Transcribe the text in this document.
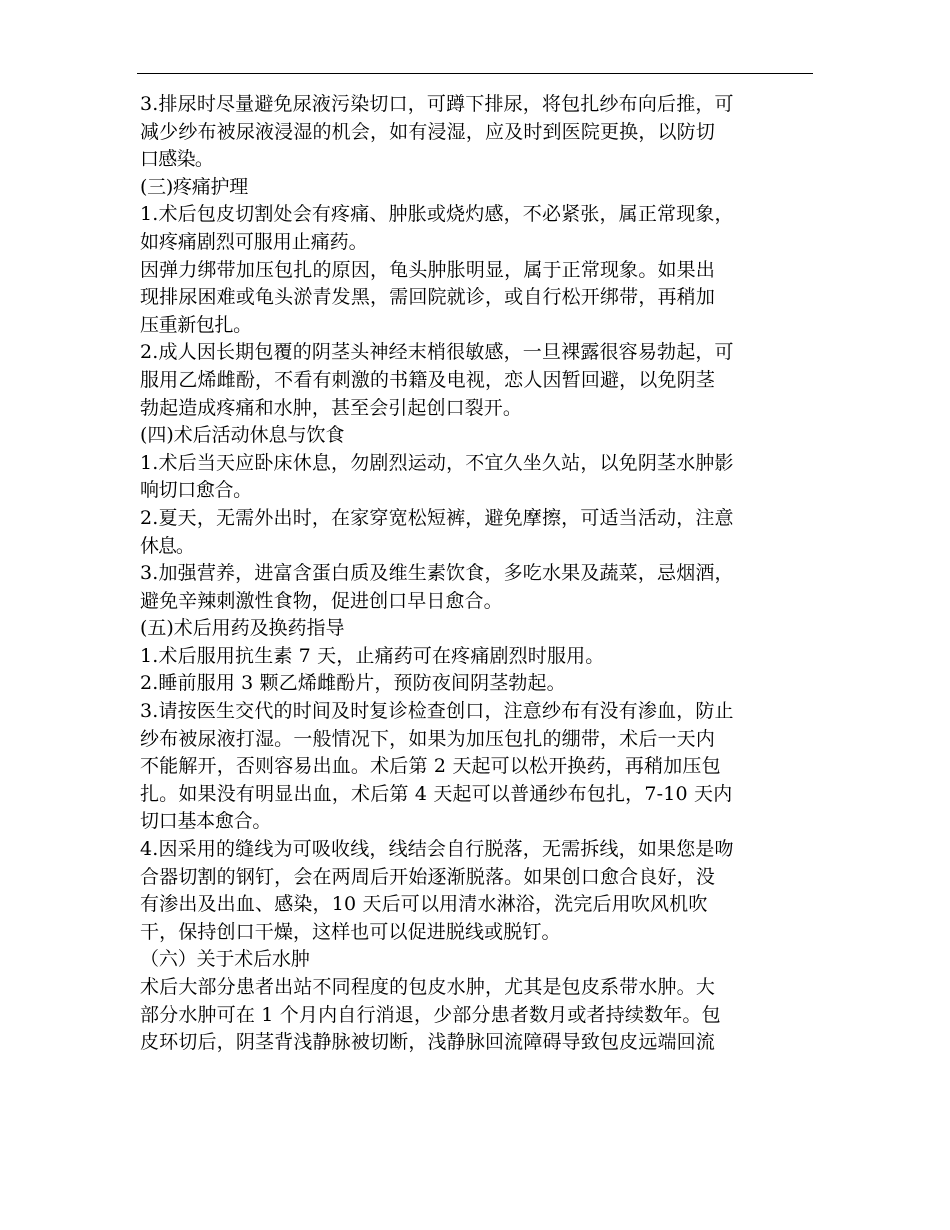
3.排尿时尽量避免尿液污染切口，可蹲下排尿，将包扎纱布向后推，可

减少纱布被尿液浸湿的机会，如有浸湿，应及时到医院更换，以防切

口感染。

(三)疼痛护理

1.术后包皮切割处会有疼痛、肿胀或烧灼感，不必紧张，属正常现象，

如疼痛剧烈可服用止痛药。

因弹力绑带加压包扎的原因，龟头肿胀明显，属于正常现象。如果出

现排尿困难或龟头淤青发黑，需回院就诊，或自行松开绑带，再稍加

压重新包扎。

2.成人因长期包覆的阴茎头神经末梢很敏感，一旦裸露很容易勃起，可

服用乙烯雌酚，不看有刺激的书籍及电视，恋人因暂回避，以免阴茎

勃起造成疼痛和水肿，甚至会引起创口裂开。

(四)术后活动休息与饮食

1.术后当天应卧床休息，勿剧烈运动，不宜久坐久站，以免阴茎水肿影

响切口愈合。

2.夏天，无需外出时，在家穿宽松短裤，避免摩擦，可适当活动，注意

休息。

3.加强营养，进富含蛋白质及维生素饮食，多吃水果及蔬菜，忌烟酒，

避免辛辣刺激性食物，促进创口早日愈合。

(五)术后用药及换药指导

1.术后服用抗生素 7 天，止痛药可在疼痛剧烈时服用。

2.睡前服用 3 颗乙烯雌酚片，预防夜间阴茎勃起。

3.请按医生交代的时间及时复诊检查创口，注意纱布有没有渗血，防止

纱布被尿液打湿。一般情况下，如果为加压包扎的绷带，术后一天内

不能解开，否则容易出血。术后第 2 天起可以松开换药，再稍加压包

扎。如果没有明显出血，术后第 4 天起可以普通纱布包扎，7-10 天内

切口基本愈合。

4.因采用的缝线为可吸收线，线结会自行脱落，无需拆线，如果您是吻

合器切割的钢钉，会在两周后开始逐渐脱落。如果创口愈合良好，没

有渗出及出血、感染，10 天后可以用清水淋浴，洗完后用吹风机吹

干，保持创口干燥，这样也可以促进脱线或脱钉。

（六）关于术后水肿

术后大部分患者出站不同程度的包皮水肿，尤其是包皮系带水肿。大

部分水肿可在 1 个月内自行消退，少部分患者数月或者持续数年。包

皮环切后，阴茎背浅静脉被切断，浅静脉回流障碍导致包皮远端回流
